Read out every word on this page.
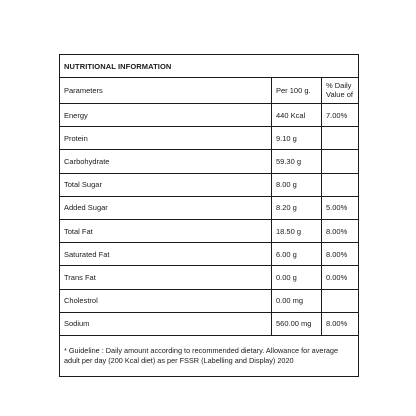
NUTRITIONAL INFORMATION		
Parameters	Per 100 g.	% Daily Value of
Energy	440 Kcal	7.00%
Protein	9.10 g	
Carbohydrate	59.30 g	
Total Sugar	8.00 g	
Added Sugar	8.20 g	5.00%
Total Fat	18.50 g	8.00%
Saturated Fat	6.00 g	8.00%
Trans Fat	0.00 g	0.00%
Cholestrol	0.00 mg	
Sodium	560.00 mg	8.00%
* Guideline : Daily amount according to recommended dietary. Allowance for average adult per day (200 Kcal diet) as per FSSR (Labelling and Display) 2020		
